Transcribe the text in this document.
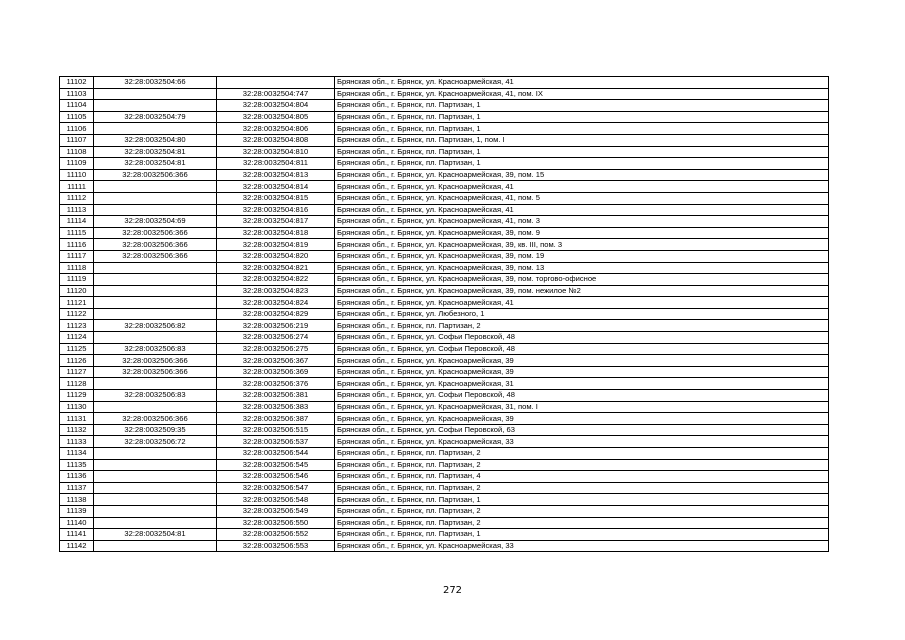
11102	32:28:0032504:66		Брянская обл., г. Брянск, ул. Красноармейская, 41
11103		32:28:0032504:747	Брянская обл., г. Брянск, ул. Красноармейская, 41, пом. IX
11104		32:28:0032504:804	Брянская обл., г. Брянск, пл. Партизан, 1
11105	32:28:0032504:79	32:28:0032504:805	Брянская обл., г. Брянск, пл. Партизан, 1
11106		32:28:0032504:806	Брянская обл., г. Брянск, пл. Партизан, 1
11107	32:28:0032504:80	32:28:0032504:808	Брянская обл., г. Брянск, пл. Партизан, 1, пом. I
11108	32:28:0032504:81	32:28:0032504:810	Брянская обл., г. Брянск, пл. Партизан, 1
11109	32:28:0032504:81	32:28:0032504:811	Брянская обл., г. Брянск, пл. Партизан, 1
11110	32:28:0032506:366	32:28:0032504:813	Брянская обл., г. Брянск, ул. Красноармейская, 39, пом. 15
11111		32:28:0032504:814	Брянская обл., г. Брянск, ул. Красноармейская, 41
11112		32:28:0032504:815	Брянская обл., г. Брянск, ул. Красноармейская, 41, пом. 5
11113		32:28:0032504:816	Брянская обл., г. Брянск, ул. Красноармейская, 41
11114	32:28:0032504:69	32:28:0032504:817	Брянская обл., г. Брянск, ул. Красноармейская, 41, пом. 3
11115	32:28:0032506:366	32:28:0032504:818	Брянская обл., г. Брянск, ул. Красноармейская, 39, пом. 9
11116	32:28:0032506:366	32:28:0032504:819	Брянская обл., г. Брянск, ул. Красноармейская, 39, кв. III, пом. 3
11117	32:28:0032506:366	32:28:0032504:820	Брянская обл., г. Брянск, ул. Красноармейская, 39, пом. 19
11118		32:28:0032504:821	Брянская обл., г. Брянск, ул. Красноармейская, 39, пом. 13
11119		32:28:0032504:822	Брянская обл., г. Брянск, ул. Красноармейская, 39, пом. торгово-офисное
11120		32:28:0032504:823	Брянская обл., г. Брянск, ул. Красноармейская, 39, пом. нежилое №2
11121		32:28:0032504:824	Брянская обл., г. Брянск, ул. Красноармейская, 41
11122		32:28:0032504:829	Брянская обл., г. Брянск, ул. Любезного, 1
11123	32:28:0032506:82	32:28:0032506:219	Брянская обл., г. Брянск, пл. Партизан, 2
11124		32:28:0032506:274	Брянская обл., г. Брянск, ул. Софьи Перовской, 48
11125	32:28:0032506:83	32:28:0032506:275	Брянская обл., г. Брянск, ул. Софьи Перовской, 48
11126	32:28:0032506:366	32:28:0032506:367	Брянская обл., г. Брянск, ул. Красноармейская, 39
11127	32:28:0032506:366	32:28:0032506:369	Брянская обл., г. Брянск, ул. Красноармейская, 39
11128		32:28:0032506:376	Брянская обл., г. Брянск, ул. Красноармейская, 31
11129	32:28:0032506:83	32:28:0032506:381	Брянская обл., г. Брянск, ул. Софьи Перовской, 48
11130		32:28:0032506:383	Брянская обл., г. Брянск, ул. Красноармейская, 31, пом. I
11131	32:28:0032506:366	32:28:0032506:387	Брянская обл., г. Брянск, ул. Красноармейская, 39
11132	32:28:0032509:35	32:28:0032506:515	Брянская обл., г. Брянск, ул. Софьи Перовской, 63
11133	32:28:0032506:72	32:28:0032506:537	Брянская обл., г. Брянск, ул. Красноармейская, 33
11134		32:28:0032506:544	Брянская обл., г. Брянск, пл. Партизан, 2
11135		32:28:0032506:545	Брянская обл., г. Брянск, пл. Партизан, 2
11136		32:28:0032506:546	Брянская обл., г. Брянск, пл. Партизан, 4
11137		32:28:0032506:547	Брянская обл., г. Брянск, пл. Партизан, 2
11138		32:28:0032506:548	Брянская обл., г. Брянск, пл. Партизан, 1
11139		32:28:0032506:549	Брянская обл., г. Брянск, пл. Партизан, 2
11140		32:28:0032506:550	Брянская обл., г. Брянск, пл. Партизан, 2
11141	32:28:0032504:81	32:28:0032506:552	Брянская обл., г. Брянск, пл. Партизан, 1
11142		32:28:0032506:553	Брянская обл., г. Брянск, ул. Красноармейская, 33
272
